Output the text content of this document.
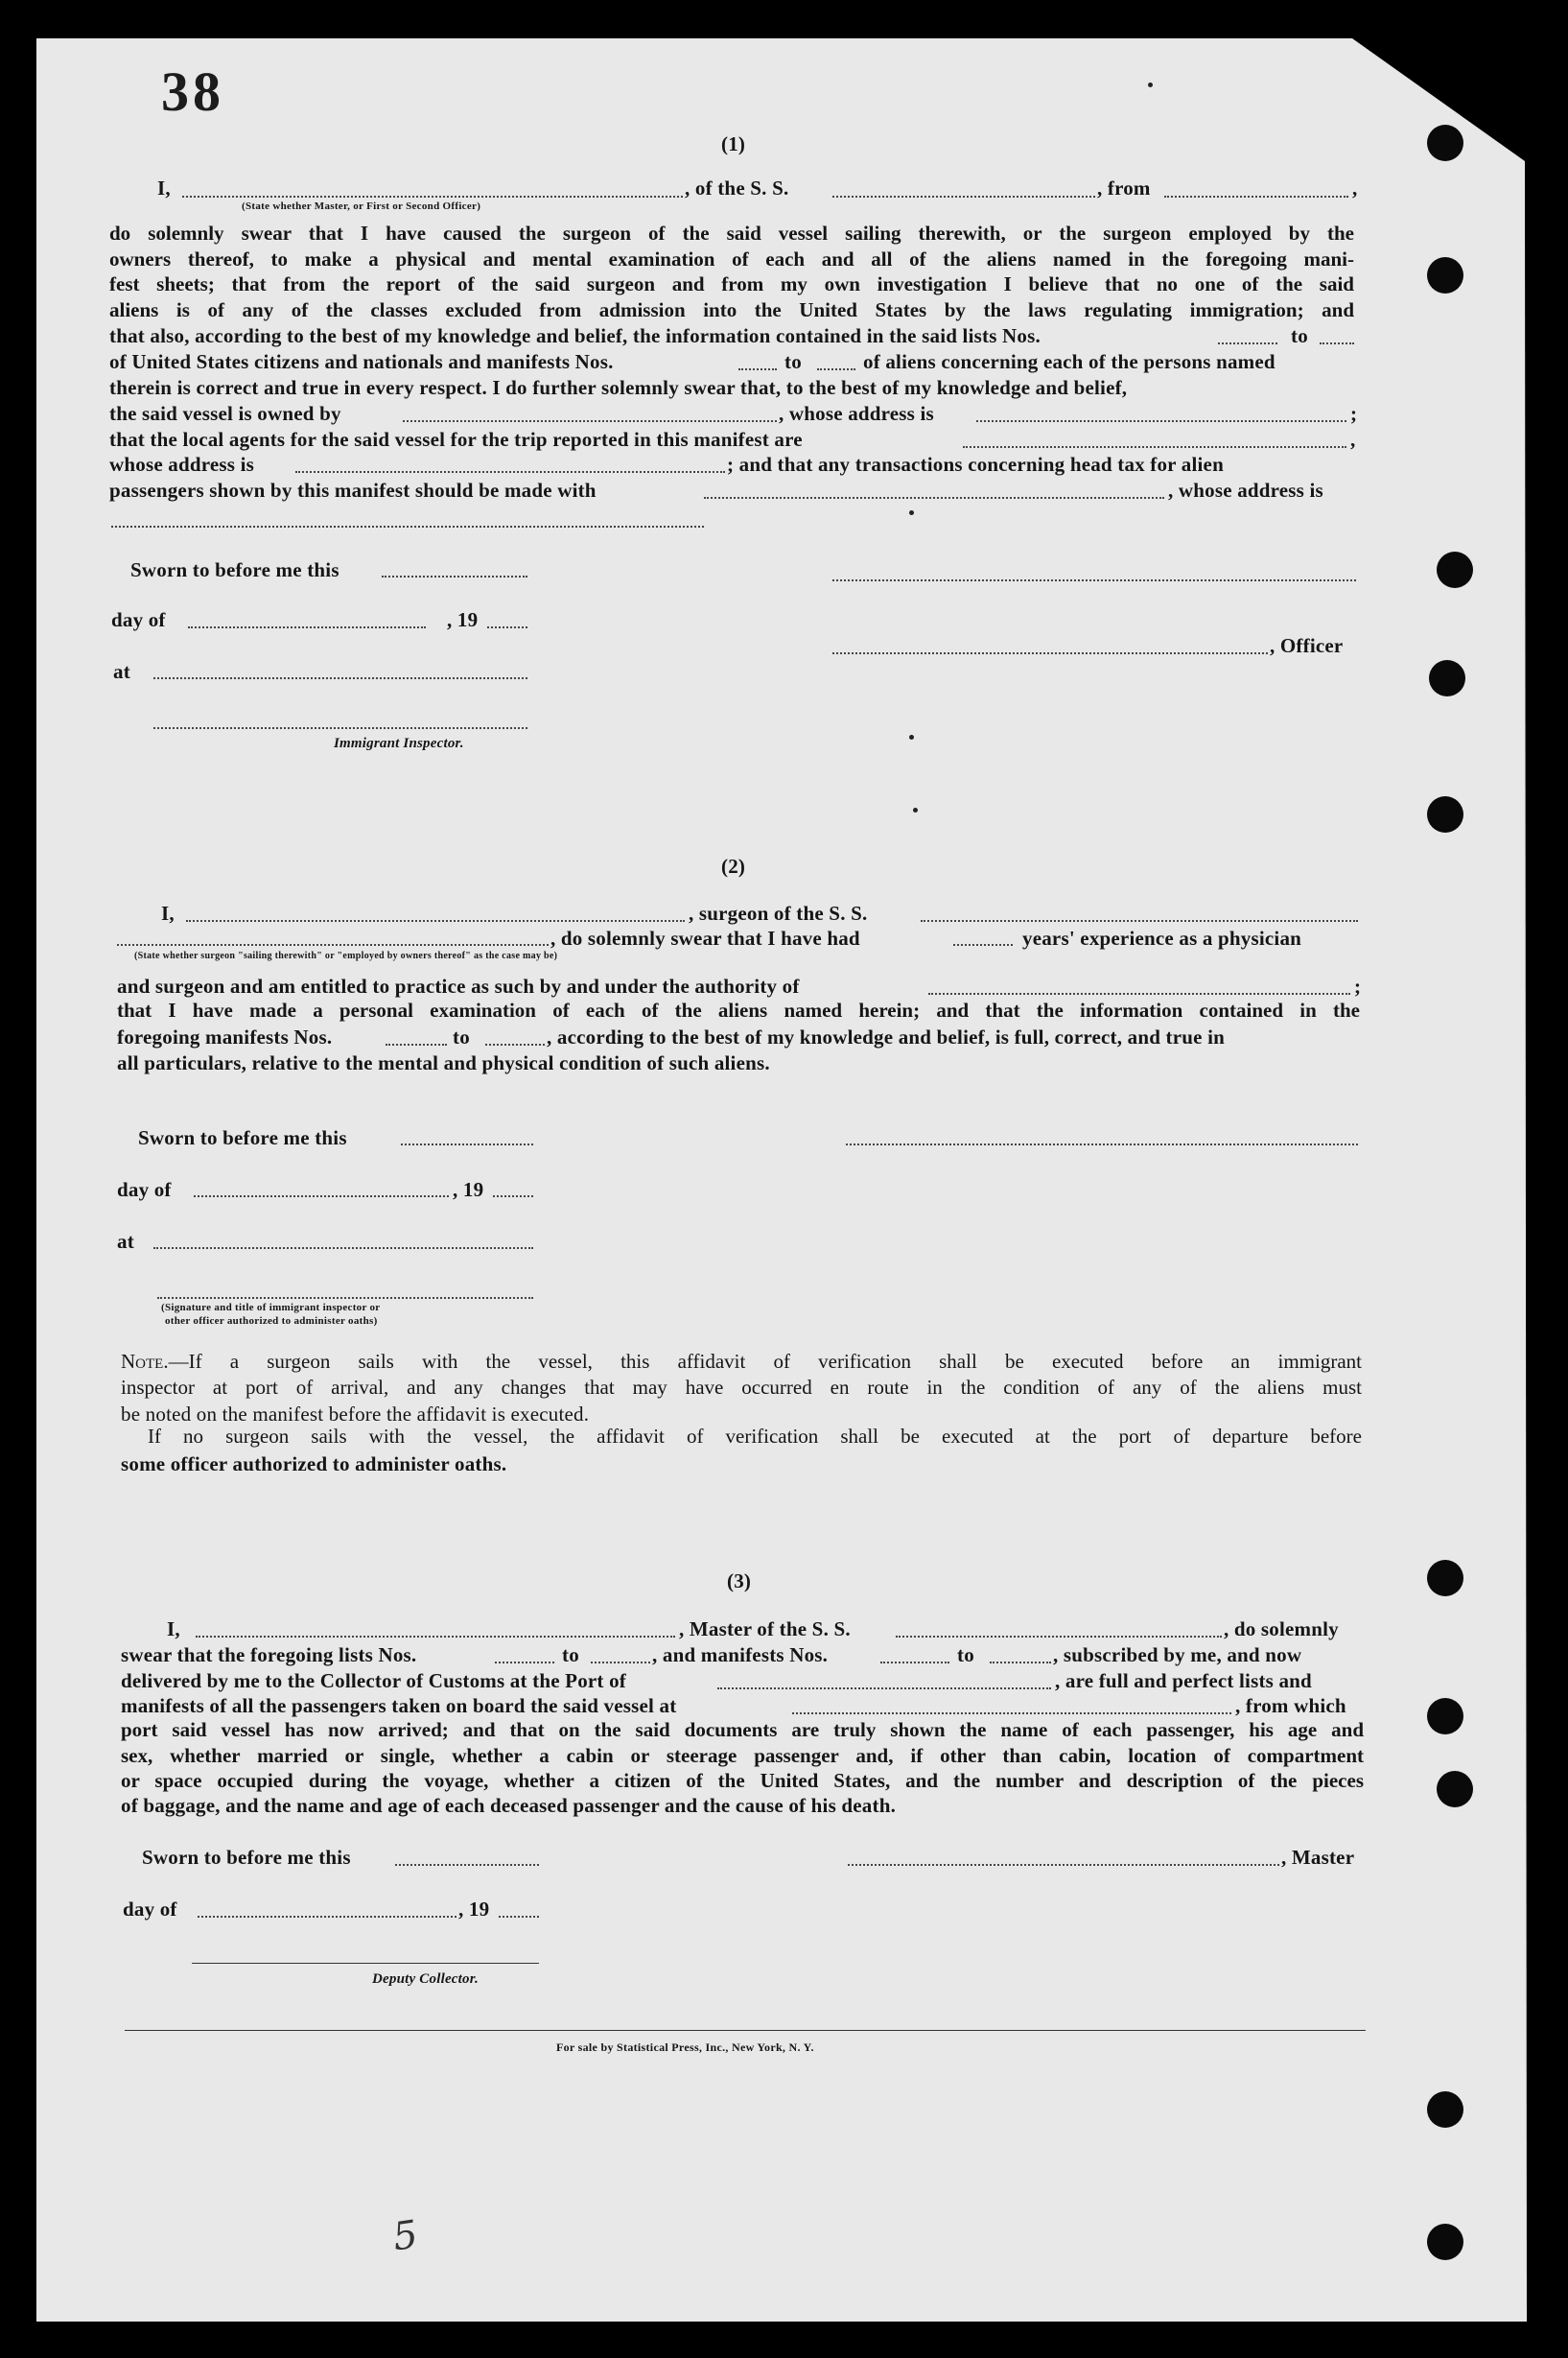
38
(1)
I,
(State whether Master, or First or Second Officer)
, of the S. S.	, from	,
do solemnly swear that I have caused the surgeon of the said vessel sailing therewith, or the surgeon employed by the
owners thereof, to make a physical and mental examination of each and all of the aliens named in the foregoing mani-
fest sheets; that from the report of the said surgeon and from my own investigation I believe that no one of the said
aliens is of any of the classes excluded from admission into the United States by the laws regulating immigration; and
that also, according to the best of my knowledge and belief, the information contained in the said lists Nos.	to
of United States citizens and nationals and manifests Nos.	to	of aliens concerning each of the persons named
therein is correct and true in every respect. I do further solemnly swear that, to the best of my knowledge and belief,
the said vessel is owned by	, whose address is	;
that the local agents for the said vessel for the trip reported in this manifest are	,
whose address is	; and that any transactions concerning head tax for alien
passengers shown by this manifest should be made with	, whose address is
Sworn to before me this
day of	, 19
, Officer
at
Immigrant Inspector.
(2)
I,	, surgeon of the S. S.
, do solemnly swear that I have had	years' experience as a physician
(State whether surgeon "sailing therewith" or "employed by owners thereof" as the case may be)
and surgeon and am entitled to practice as such by and under the authority of	;
that I have made a personal examination of each of the aliens named herein; and that the information contained in the
foregoing manifests Nos.	to	, according to the best of my knowledge and belief, is full, correct, and true in
all particulars, relative to the mental and physical condition of such aliens.
Sworn to before me this
day of	, 19
at
(Signature and title of immigrant inspector or
other officer authorized to administer oaths)
Note.—If a surgeon sails with the vessel, this affidavit of verification shall be executed before an immigrant
inspector at port of arrival, and any changes that may have occurred en route in the condition of any of the aliens must
be noted on the manifest before the affidavit is executed.
If no surgeon sails with the vessel, the affidavit of verification shall be executed at the port of departure before
some officer authorized to administer oaths.
(3)
I,	, Master of the S. S.	, do solemnly
swear that the foregoing lists Nos.	to	, and manifests Nos.	to	, subscribed by me, and now
delivered by me to the Collector of Customs at the Port of	, are full and perfect lists and
manifests of all the passengers taken on board the said vessel at	, from which
port said vessel has now arrived; and that on the said documents are truly shown the name of each passenger, his age and
sex, whether married or single, whether a cabin or steerage passenger and, if other than cabin, location of compartment
or space occupied during the voyage, whether a citizen of the United States, and the number and description of the pieces
of baggage, and the name and age of each deceased passenger and the cause of his death.
Sworn to before me this	, Master
day of	, 19
Deputy Collector.
For sale by Statistical Press, Inc., New York, N. Y.
5
